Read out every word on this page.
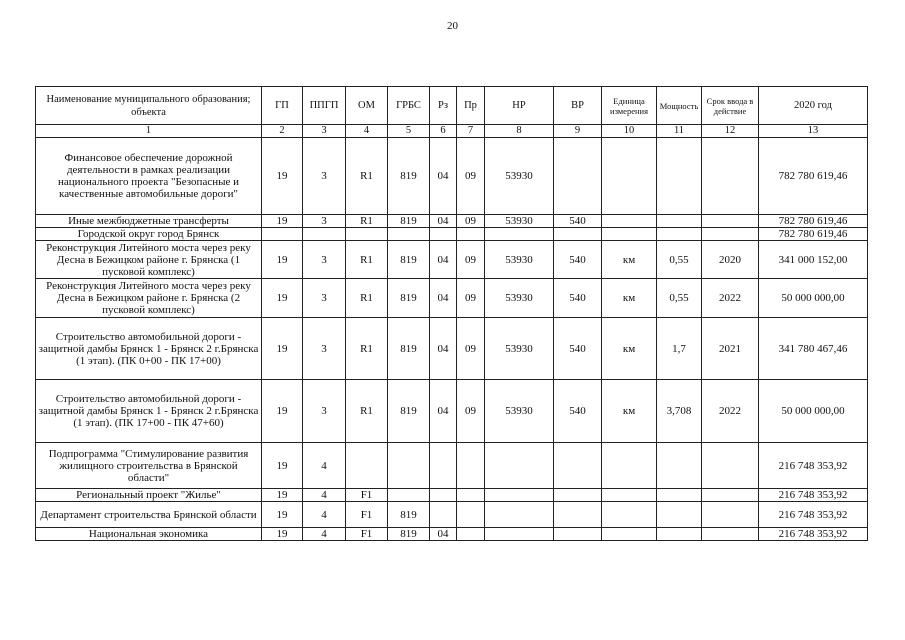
20
Наименование муниципального образования; объекта	ГП	ППГП	ОМ	ГРБС	Рз	Пр	НР	ВР	Единица измерения	Мощность	Срок ввода в действие	2020 год
1	2	3	4	5	6	7	8	9	10	11	12	13
Финансовое обеспечение дорожной деятельности в рамках реализации национального проекта "Безопасные и качественные автомобильные дороги"	19	3	R1	819	04	09	53930					782 780 619,46
Иные межбюджетные трансферты	19	3	R1	819	04	09	53930	540				782 780 619,46
Городской округ город Брянск												782 780 619,46
Реконструкция Литейного моста через реку Десна в Бежицком районе г. Брянска (1 пусковой комплекс)	19	3	R1	819	04	09	53930	540	км	0,55	2020	341 000 152,00
Реконструкция Литейного моста через реку Десна в Бежицком районе г. Брянска (2 пусковой комплекс)	19	3	R1	819	04	09	53930	540	км	0,55	2022	50 000 000,00
Строительство автомобильной дороги - защитной дамбы Брянск 1 - Брянск 2 г.Брянска (1 этап). (ПК 0+00 - ПК 17+00)	19	3	R1	819	04	09	53930	540	км	1,7	2021	341 780 467,46
Строительство автомобильной дороги - защитной дамбы Брянск 1 - Брянск 2 г.Брянска (1 этап). (ПК 17+00 - ПК 47+60)	19	3	R1	819	04	09	53930	540	км	3,708	2022	50 000 000,00
Подпрограмма "Стимулирование развития жилищного строительства в Брянской области"	19	4										216 748 353,92
Региональный проект "Жилье"	19	4	F1									216 748 353,92
Департамент строительства Брянской области	19	4	F1	819								216 748 353,92
Национальная экономика	19	4	F1	819	04							216 748 353,92
